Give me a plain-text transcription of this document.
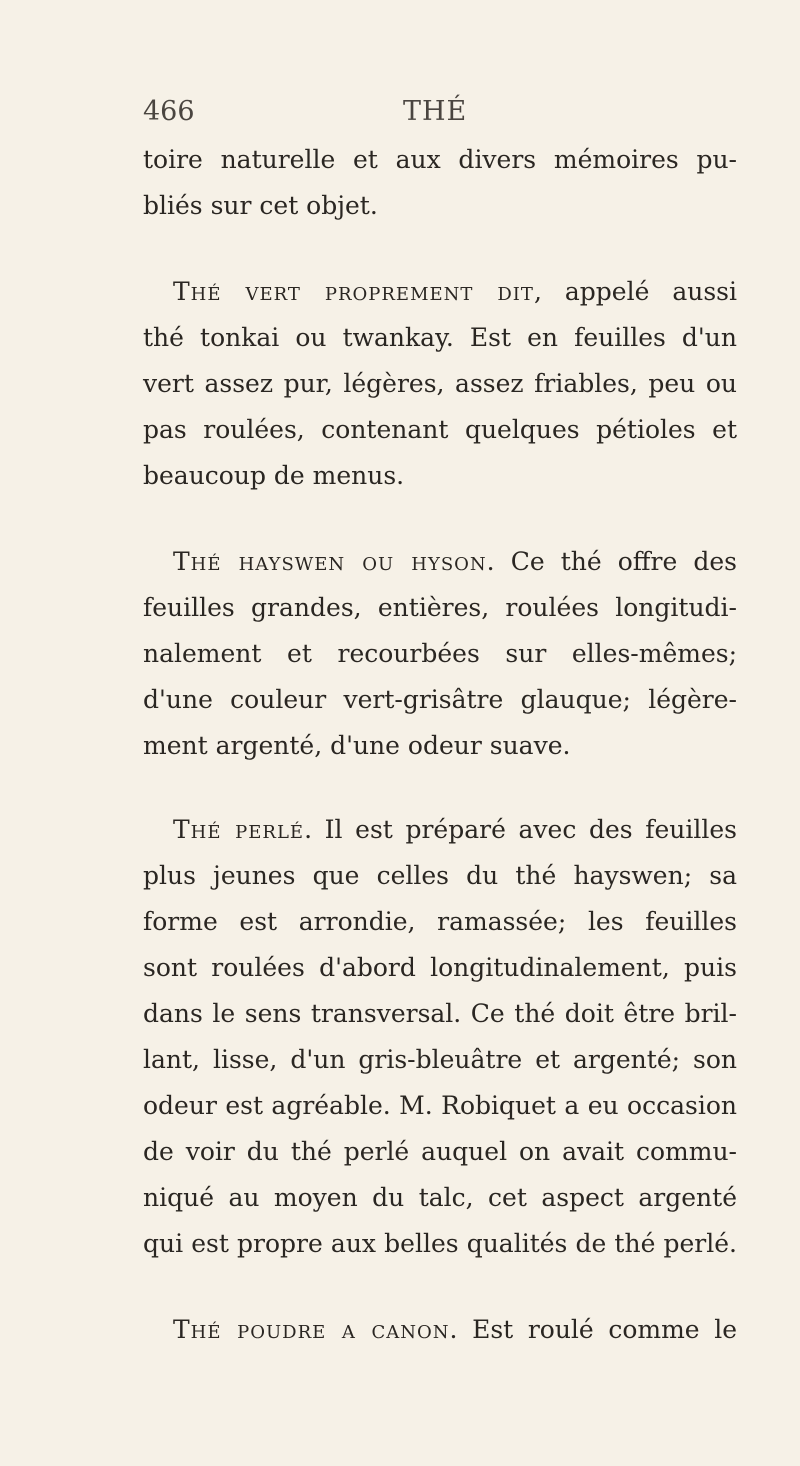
466	THÉ
toire naturelle et aux divers mémoires pu-
bliés sur cet objet.
Thé vert proprement dit, appelé aussi
thé tonkai ou twankay. Est en feuilles d'un
vert assez pur, légères, assez friables, peu ou
pas roulées, contenant quelques pétioles et
beaucoup de menus.
Thé hayswen ou hyson. Ce thé offre des
feuilles grandes, entières, roulées longitudi-
nalement et recourbées sur elles-mêmes;
d'une couleur vert-grisâtre glauque; légère-
ment argenté, d'une odeur suave.
Thé perlé. Il est préparé avec des feuilles
plus jeunes que celles du thé hayswen; sa
forme est arrondie, ramassée; les feuilles
sont roulées d'abord longitudinalement, puis
dans le sens transversal. Ce thé doit être bril-
lant, lisse, d'un gris-bleuâtre et argenté; son
odeur est agréable. M. Robiquet a eu occasion
de voir du thé perlé auquel on avait commu-
niqué au moyen du talc, cet aspect argenté
qui est propre aux belles qualités de thé perlé.
Thé poudre a canon. Est roulé comme le
